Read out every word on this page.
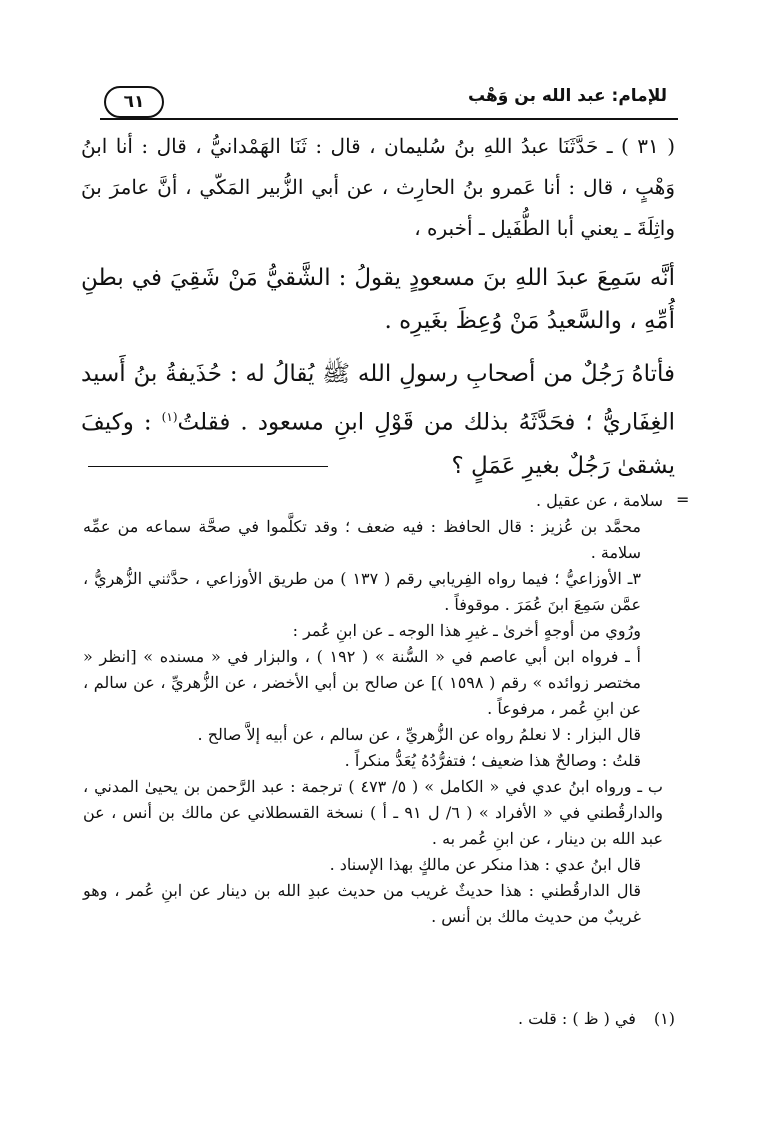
للإمام: عبد الله بن وَهْب
٦١

( ٣١ ) ـ حَدَّثَنَا عبدُ اللهِ بنُ سُليمان ، قال : ثَنَا الهَمْدانيُّ ، قال : أنا ابنُ وَهْبٍ ، قال : أنا عَمرو بنُ الحارِث ، عن أبي الزُّبير المَكّي ، أنَّ عامرَ بنَ واثِلَةَ ـ يعني أبا الطُّفَيل ـ أخبره ،

أنَّه سَمِعَ عبدَ اللهِ بنَ مسعودٍ يقولُ : الشَّقيُّ مَنْ شَقِيَ في بطنِ أُمِّهِ ، والسَّعيدُ مَنْ وُعِظَ بغَيرِه .

فأتاهُ رَجُلٌ من أصحابِ رسولِ الله ﷺ يُقالُ له : حُذَيفةُ بنُ أَسيد الغِفَاريُّ ؛ فحَدَّثَهُ بذلك من قَوْلِ ابنِ مسعود . فقلتُ$^{(١)}$ : وكيفَ يشقىٰ رَجُلٌ بغيرِ عَمَلٍ ؟

=

سلامة ، عن عقيل .

محمَّد بن عُزيز : قال الحافظ : فيه ضعف ؛ وقد تكلَّموا في صحَّة سماعه من عمِّه سلامة .

٣ـ الأوزاعيُّ ؛ فيما رواه الفِريابي رقم ( ١٣٧ ) من طريق الأوزاعي ، حدَّثني الزُّهريُّ ، عمَّن سَمِعَ ابنَ عُمَرَ . موقوفاً .

ورُوي من أوجهٍ أخرىٰ ـ غيرِ هذا الوجه ـ عن ابنِ عُمر :

أ ـ فرواه ابن أبي عاصم في « السُّنة » ( ١٩٢ ) ، والبزار في « مسنده » [انظر « مختصر زوائده » رقم ( ١٥٩٨ )] عن صالح بن أبي الأخضر ، عن الزُّهريِّ ، عن سالم ، عن ابنِ عُمر ، مرفوعاً .

قال البزار : لا نعلمُ رواه عن الزُّهريِّ ، عن سالم ، عن أبيه إلاَّ صالح .

قلتُ : وصالحٌ هذا ضعيف ؛ فتفرُّدُهُ يُعَدُّ منكراً .

ب ـ ورواه ابنُ عدي في « الكامل » ( ٥/ ٤٧٣ ) ترجمة : عبد الرَّحمن بن يحيىٰ المدني ، والدارقُطني في « الأفراد » ( ٦/ ل ٩١ ـ أ ) نسخة القسطلاني عن مالك بن أنس ، عن عبد الله بن دينار ، عن ابنِ عُمر به .

قال ابنُ عدي : هذا منكر عن مالكٍ بهذا الإسناد .

قال الدارقُطني : هذا حديثٌ غريب من حديث عبدِ الله بن دينار عن ابنِ عُمر ، وهو غريبٌ من حديث مالك بن أنس .

(١)في ( ظ ) : قلت .
